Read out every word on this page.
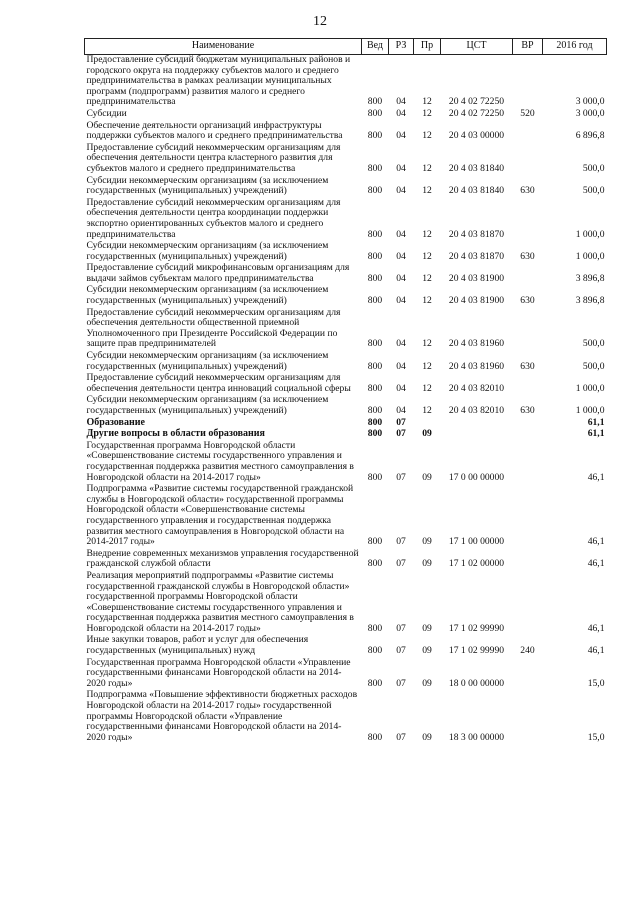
12
Наименование	Вед	РЗ	Пр	ЦСТ	ВР	2016 год
Предоставление субсидий бюджетам муниципальных районов и городского округа на поддержку субъектов малого и среднего предпринимательства в рамках реализации муниципальных программ (подпрограмм) развития малого и среднего предпринимательства	800	04	12	20 4 02 72250		3 000,0
Субсидии	800	04	12	20 4 02 72250	520	3 000,0
Обеспечение деятельности организаций инфраструктуры поддержки субъектов малого и среднего предпринимательства	800	04	12	20 4 03 00000		6 896,8
Предоставление субсидий некоммерческим организациям для обеспечения деятельности центра кластерного развития для субъектов малого и среднего предпринимательства	800	04	12	20 4 03 81840		500,0
Субсидии некоммерческим организациям (за исключением государственных (муниципальных) учреждений)	800	04	12	20 4 03 81840	630	500,0
Предоставление субсидий некоммерческим организациям для обеспечения деятельности центра координации поддержки экспортно ориентированных субъектов малого и среднего предпринимательства	800	04	12	20 4 03 81870		1 000,0
Субсидии некоммерческим организациям (за исключением государственных (муниципальных) учреждений)	800	04	12	20 4 03 81870	630	1 000,0
Предоставление субсидий микрофинансовым организациям для выдачи займов субъектам малого предпринимательства	800	04	12	20 4 03 81900		3 896,8
Субсидии некоммерческим организациям (за исключением государственных (муниципальных) учреждений)	800	04	12	20 4 03 81900	630	3 896,8
Предоставление субсидий некоммерческим организациям для обеспечения деятельности общественной приемной Уполномоченного при Президенте Российской Федерации по защите прав предпринимателей	800	04	12	20 4 03 81960		500,0
Субсидии некоммерческим организациям (за исключением государственных (муниципальных) учреждений)	800	04	12	20 4 03 81960	630	500,0
Предоставление субсидий некоммерческим организациям для обеспечения деятельности центра инноваций социальной сферы	800	04	12	20 4 03 82010		1 000,0
Субсидии некоммерческим организациям (за исключением государственных (муниципальных) учреждений)	800	04	12	20 4 03 82010	630	1 000,0
Образование	800	07				61,1
Другие вопросы в области образования	800	07	09			61,1
Государственная программа Новгородской области «Совершенствование системы государственного управления и государственная поддержка развития местного самоуправления в Новгородской области на 2014-2017 годы»	800	07	09	17 0 00 00000		46,1
Подпрограмма «Развитие системы государственной гражданской службы в Новгородской области» государственной программы Новгородской области «Совершенствование системы государственного управления и государственная поддержка развития местного самоуправления в Новгородской области на 2014-2017 годы»	800	07	09	17 1 00 00000		46,1
Внедрение современных механизмов управления государственной гражданской службой области	800	07	09	17 1 02 00000		46,1
Реализация мероприятий подпрограммы «Развитие системы государственной гражданской службы в Новгородской области» государственной программы Новгородской области «Совершенствование системы государственного управления и государственная поддержка развития местного самоуправления в Новгородской области на 2014-2017 годы»	800	07	09	17 1 02 99990		46,1
Иные закупки товаров, работ и услуг для обеспечения государственных (муниципальных) нужд	800	07	09	17 1 02 99990	240	46,1
Государственная программа Новгородской области «Управление государственными финансами Новгородской области на 2014-2020 годы»	800	07	09	18 0 00 00000		15,0
Подпрограмма «Повышение эффективности бюджетных расходов Новгородской области на 2014-2017 годы» государственной программы Новгородской области «Управление государственными финансами Новгородской области на 2014-2020 годы»	800	07	09	18 3 00 00000		15,0
